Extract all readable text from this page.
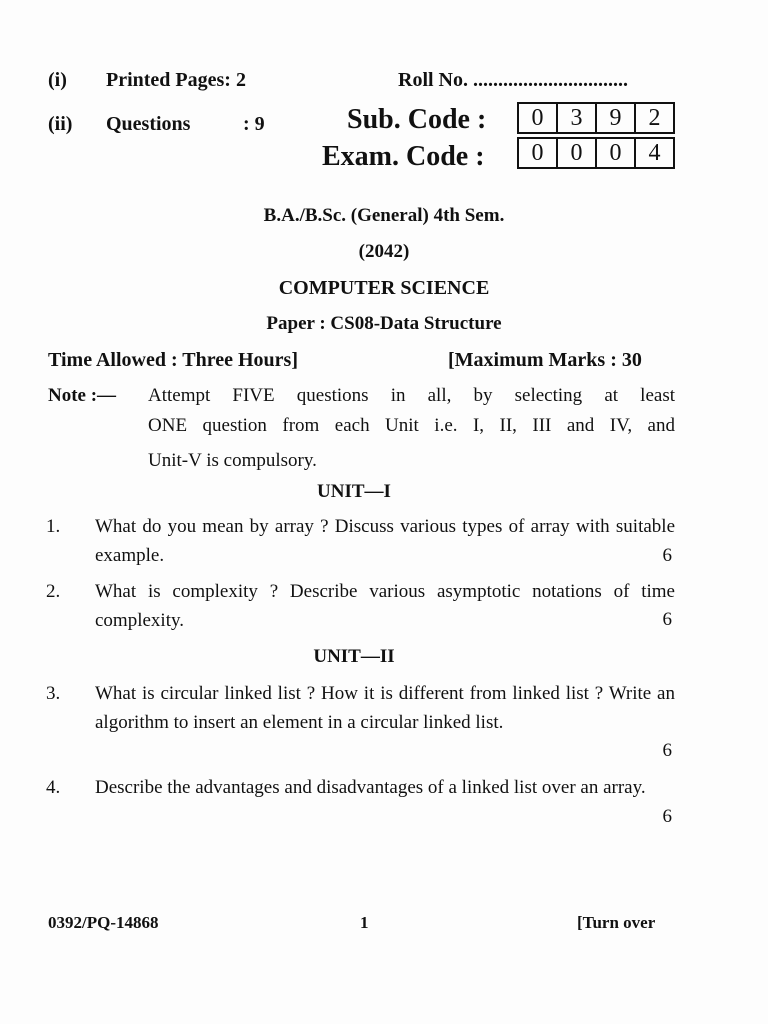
(i) Printed Pages: 2
(ii) Questions	: 9
Roll No. ...............................
Sub. Code :	0	3	9	2
Exam. Code :	0	0	0	4
B.A./B.Sc. (General) 4th Sem.
(2042)
COMPUTER SCIENCE
Paper : CS08-Data Structure
Time Allowed : Three Hours]	[Maximum Marks : 30
Note :— Attempt FIVE questions in all, by selecting at least
ONE question from each Unit i.e. I, II, III and IV, and
Unit-V is compulsory.
UNIT—I
1. What do you mean by array ? Discuss various types of array with suitable example.	6
2. What is complexity ? Describe various asymptotic notations of time complexity.	6
UNIT—II
3. What is circular linked list ? How it is different from linked list ? Write an algorithm to insert an element in a circular linked list.
6
4. Describe the advantages and disadvantages of a linked list over an array.
6
0392/PQ-14868	1	[Turn over
